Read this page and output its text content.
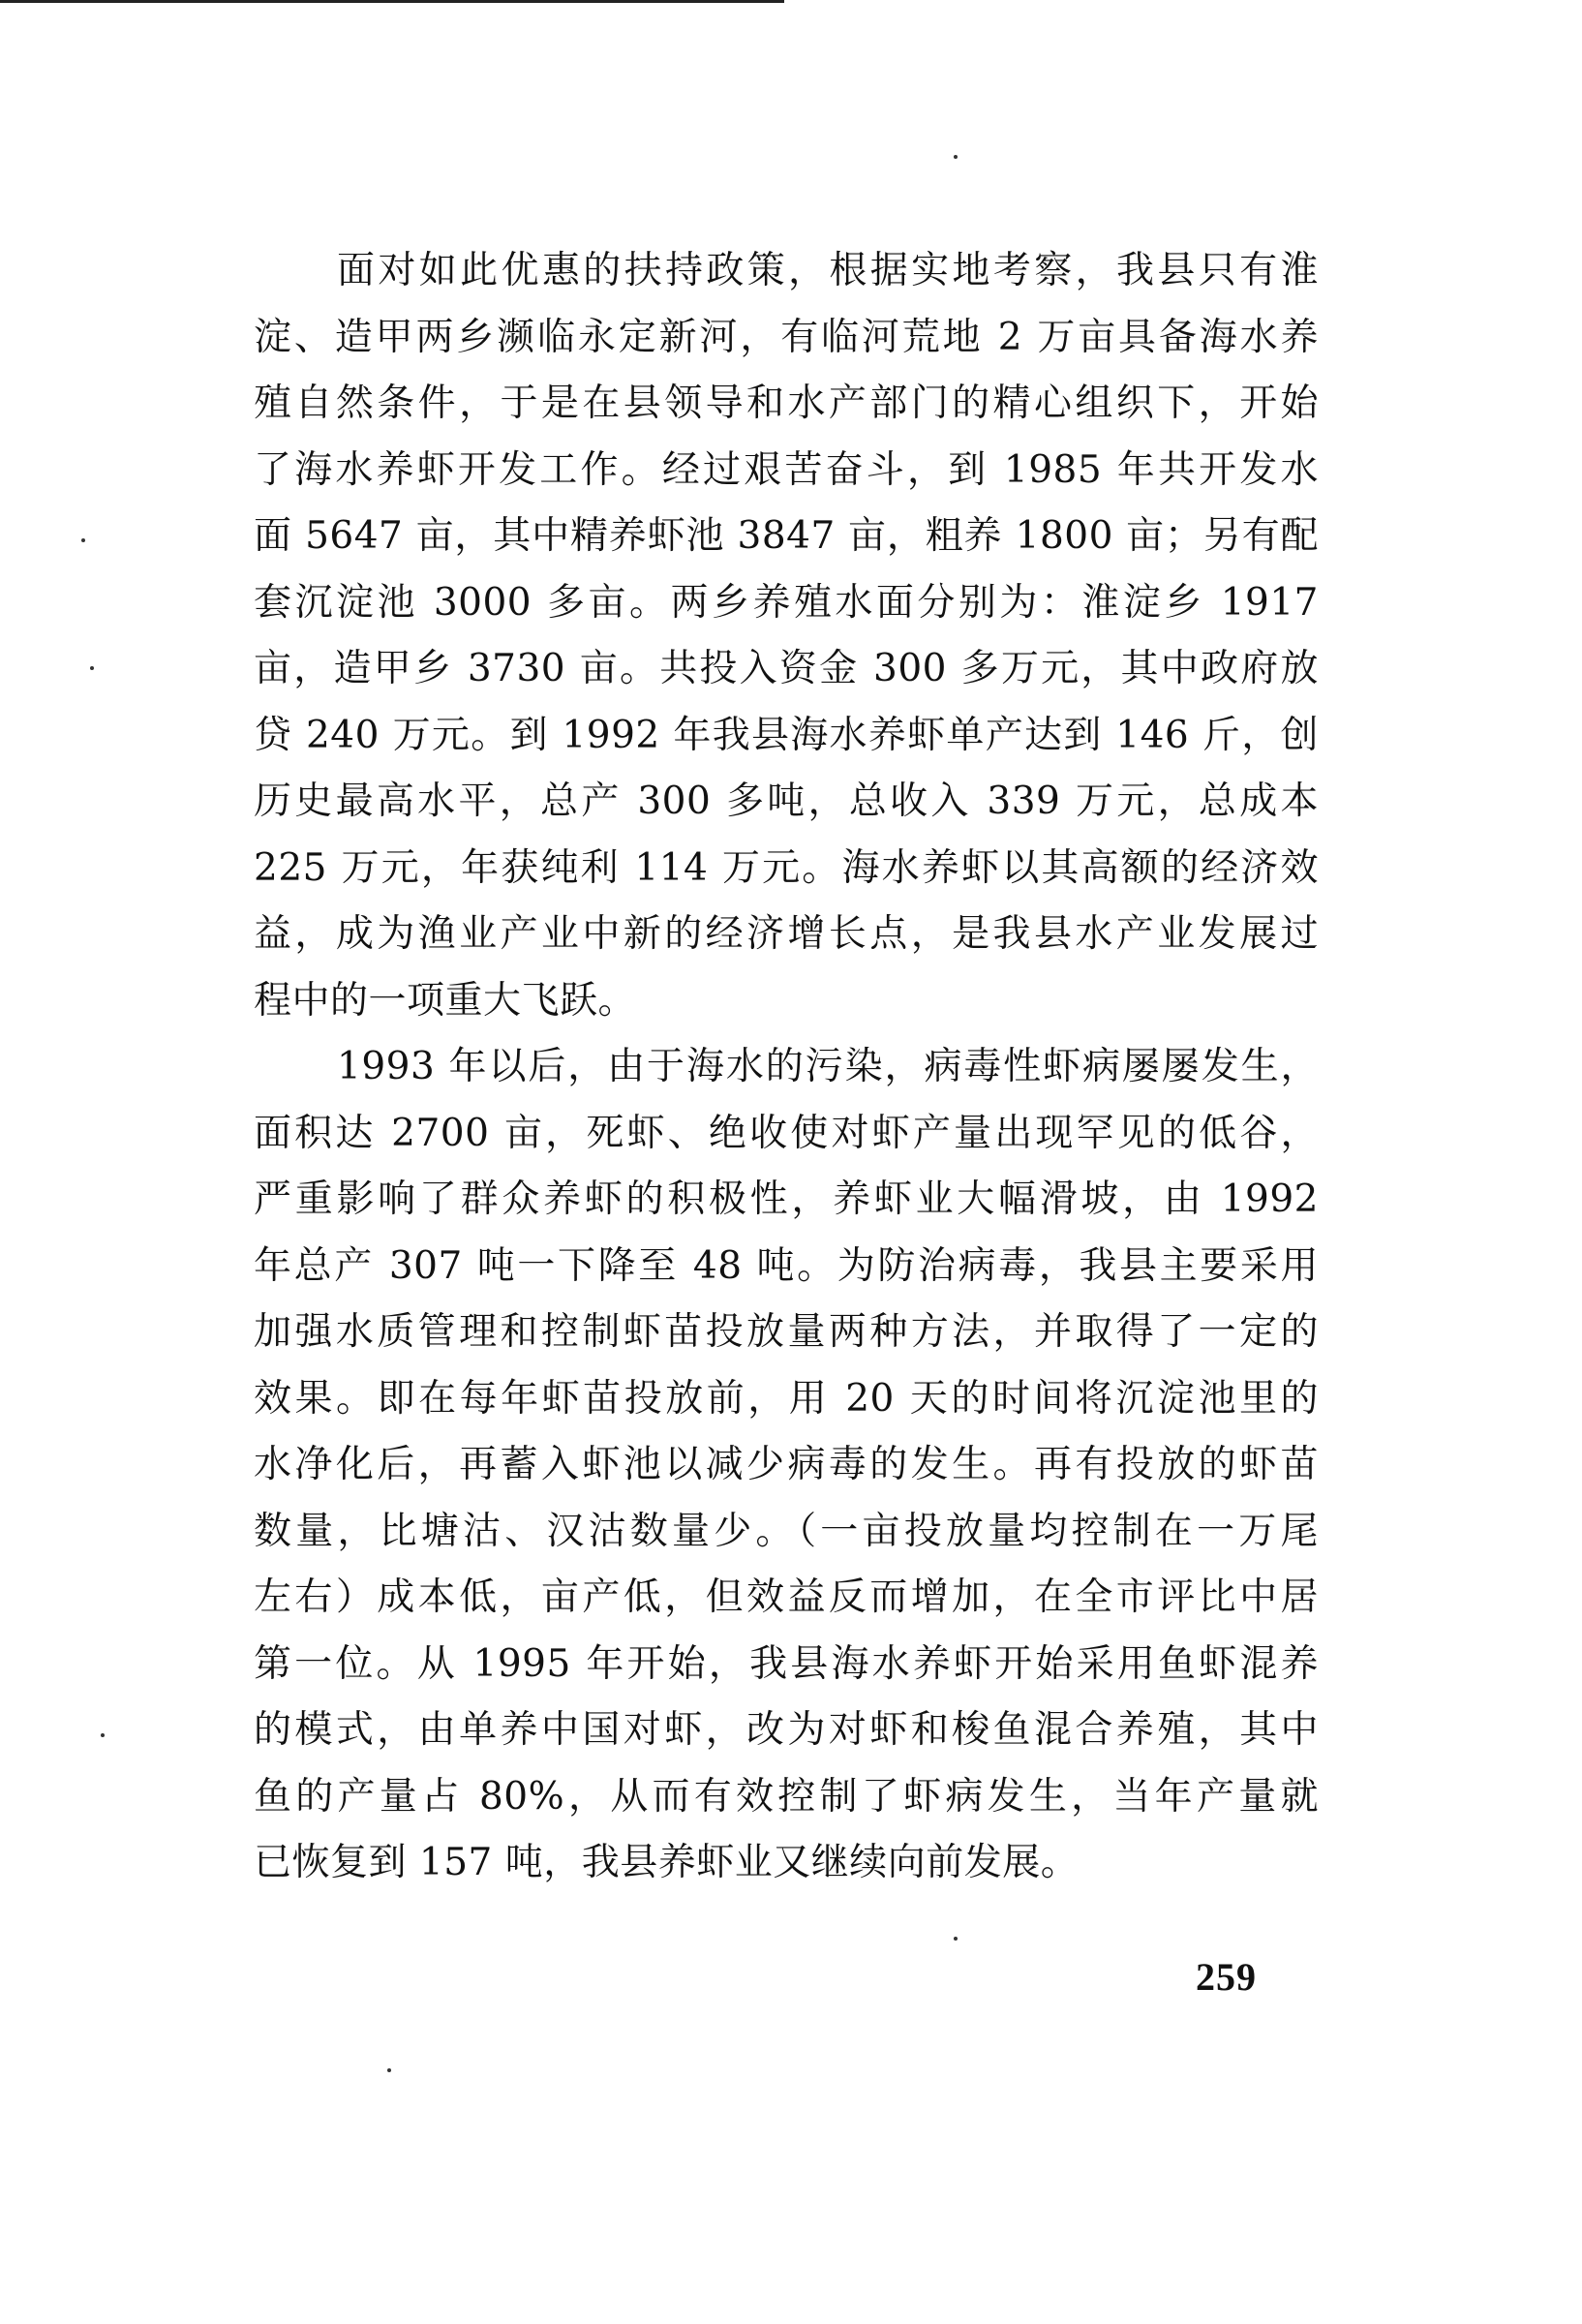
面对如此优惠的扶持政策，根据实地考察，我县只有淮
淀、造甲两乡濒临永定新河，有临河荒地 2 万亩具备海水养
殖自然条件，于是在县领导和水产部门的精心组织下，开始
了海水养虾开发工作。经过艰苦奋斗，到 1985 年共开发水
面 5647 亩，其中精养虾池 3847 亩，粗养 1800 亩；另有配
套沉淀池 3000 多亩。两乡养殖水面分别为：淮淀乡 1917
亩，造甲乡 3730 亩。共投入资金 300 多万元，其中政府放
贷 240 万元。到 1992 年我县海水养虾单产达到 146 斤，创
历史最高水平，总产 300 多吨，总收入 339 万元，总成本
225 万元，年获纯利 114 万元。海水养虾以其高额的经济效
益，成为渔业产业中新的经济增长点，是我县水产业发展过
程中的一项重大飞跃。
1993 年以后，由于海水的污染，病毒性虾病屡屡发生，
面积达 2700 亩，死虾、绝收使对虾产量出现罕见的低谷，
严重影响了群众养虾的积极性，养虾业大幅滑坡，由 1992
年总产 307 吨一下降至 48 吨。为防治病毒，我县主要采用
加强水质管理和控制虾苗投放量两种方法，并取得了一定的
效果。即在每年虾苗投放前，用 20 天的时间将沉淀池里的
水净化后，再蓄入虾池以减少病毒的发生。再有投放的虾苗
数量，比塘沽、汉沽数量少。（一亩投放量均控制在一万尾
左右）成本低，亩产低，但效益反而增加，在全市评比中居
第一位。从 1995 年开始，我县海水养虾开始采用鱼虾混养
的模式，由单养中国对虾，改为对虾和梭鱼混合养殖，其中
鱼的产量占 80%，从而有效控制了虾病发生，当年产量就
已恢复到 157 吨，我县养虾业又继续向前发展。
259
